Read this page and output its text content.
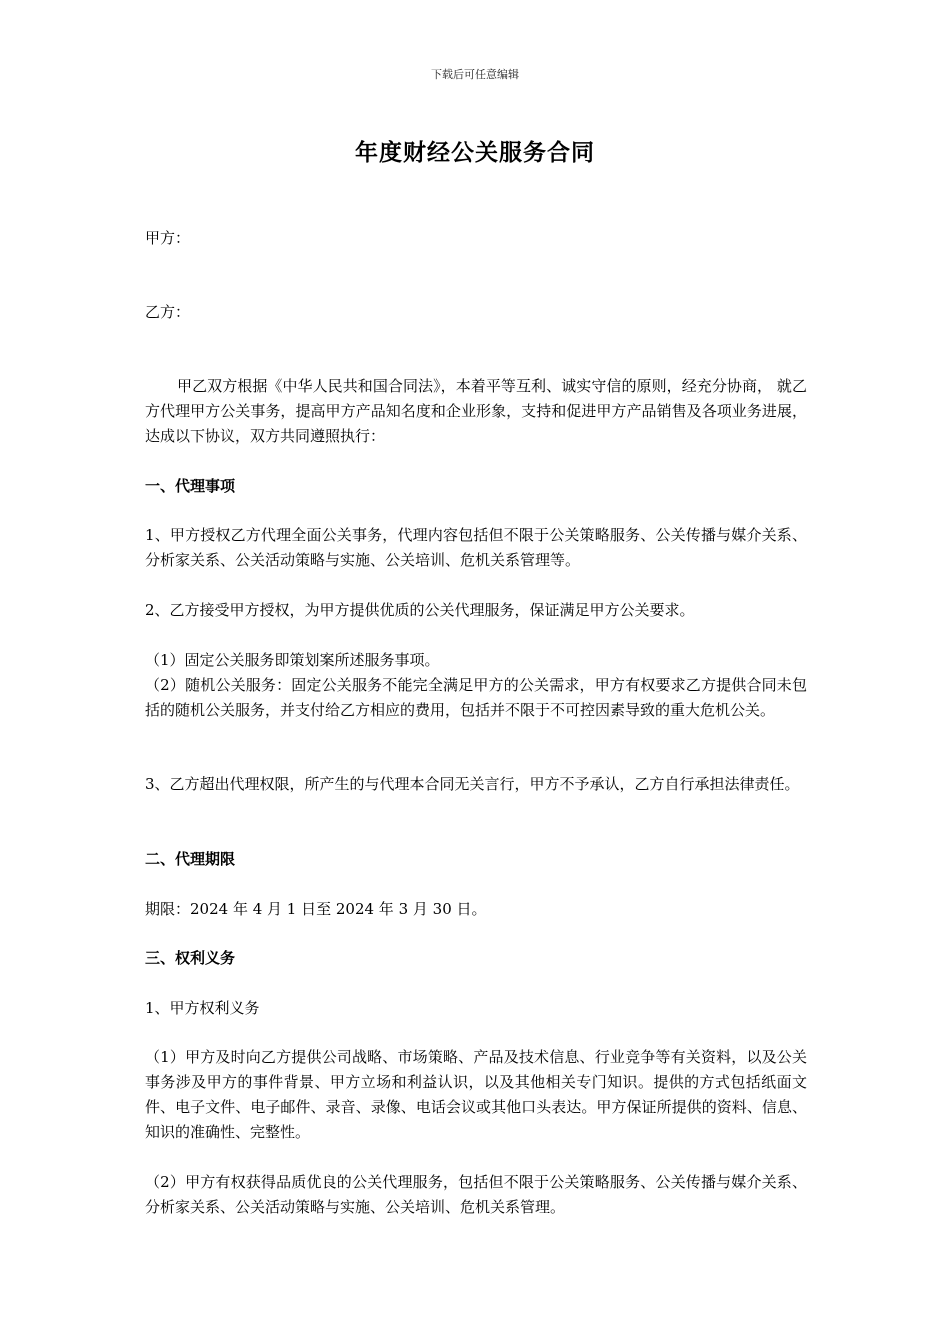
下载后可任意编辑
年度财经公关服务合同
甲方：
乙方：
甲乙双方根据《中华人民共和国合同法》，本着平等互利、诚实守信的原则，经充分协商， 就乙方代理甲方公关事务，提高甲方产品知名度和企业形象，支持和促进甲方产品销售及各项业务进展，达成以下协议，双方共同遵照执行：
一、代理事项
1、甲方授权乙方代理全面公关事务，代理内容包括但不限于公关策略服务、公关传播与媒介关系、分析家关系、公关活动策略与实施、公关培训、危机关系管理等。
2、乙方接受甲方授权，为甲方提供优质的公关代理服务，保证满足甲方公关要求。
（1）固定公关服务即策划案所述服务事项。
（2）随机公关服务：固定公关服务不能完全满足甲方的公关需求，甲方有权要求乙方提供合同未包括的随机公关服务，并支付给乙方相应的费用，包括并不限于不可控因素导致的重大危机公关。
3、乙方超出代理权限，所产生的与代理本合同无关言行，甲方不予承认，乙方自行承担法律责任。
二、代理期限
期限：2024 年 4 月 1 日至 2024 年 3 月 30 日。
三、权利义务
1、甲方权利义务
（1）甲方及时向乙方提供公司战略、市场策略、产品及技术信息、行业竞争等有关资料，以及公关事务涉及甲方的事件背景、甲方立场和利益认识，以及其他相关专门知识。提供的方式包括纸面文件、电子文件、电子邮件、录音、录像、电话会议或其他口头表达。甲方保证所提供的资料、信息、知识的准确性、完整性。
（2）甲方有权获得品质优良的公关代理服务，包括但不限于公关策略服务、公关传播与媒介关系、分析家关系、公关活动策略与实施、公关培训、危机关系管理。
